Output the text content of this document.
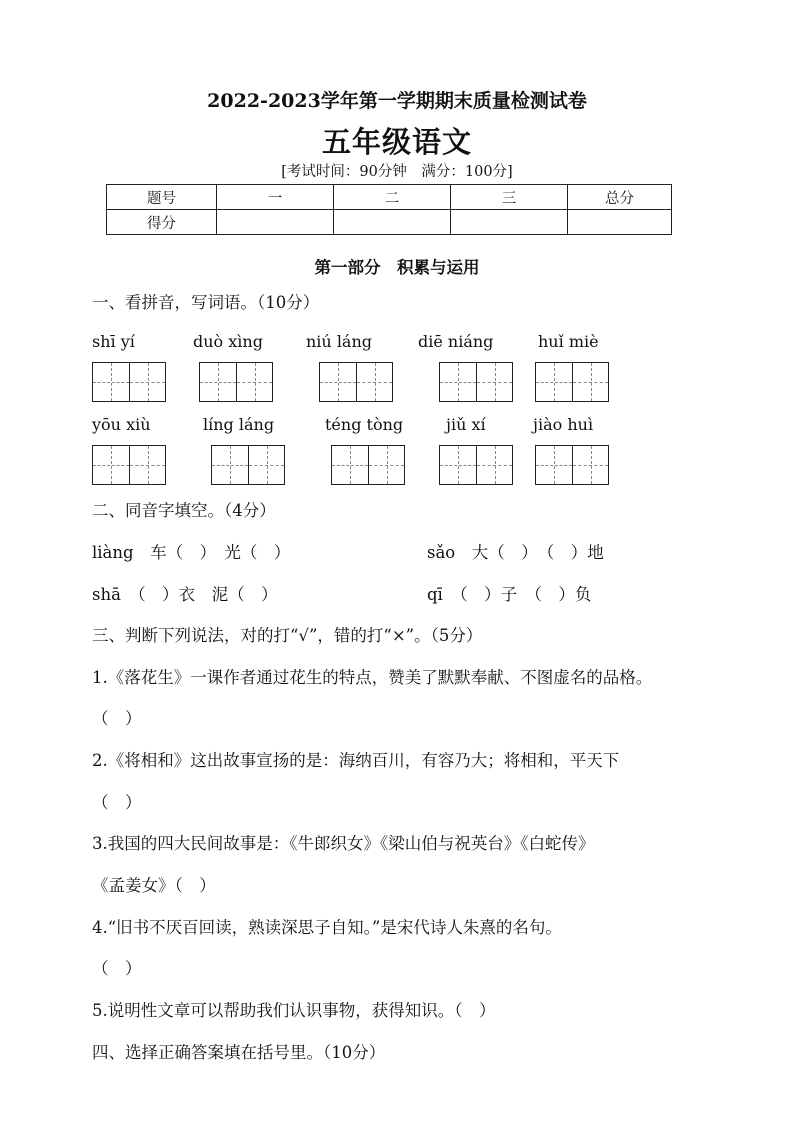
2022-2023学年第一学期期末质量检测试卷
五年级语文
[考试时间：90分钟　满分：100分]
题号	一	二	三	总分
得分				
第一部分　积累与运用
一、看拼音，写词语。（10分）
shī yí	duò xìng	niú láng	diē niáng	huǐ miè
yōu xiù	líng láng	téng tòng	jiǔ xí	jiào huì
二、同音字填空。（4分）
liàng　车（　）　光（　）	sǎo　大（　）　（　）地
shā　（　）衣　泥（　）	qī　（　）子　（　）负
三、判断下列说法，对的打“√”，错的打“×”。（5分）
1.《落花生》一课作者通过花生的特点，赞美了默默奉献、不图虚名的品格。
（　）
2.《将相和》这出故事宣扬的是：海纳百川，有容乃大；将相和，平天下
（　）
3.我国的四大民间故事是：《牛郎织女》《梁山伯与祝英台》《白蛇传》
《孟姜女》（　）
4.“旧书不厌百回读，熟读深思子自知。”是宋代诗人朱熹的名句。
（　）
5.说明性文章可以帮助我们认识事物，获得知识。（　）
四、选择正确答案填在括号里。（10分）
